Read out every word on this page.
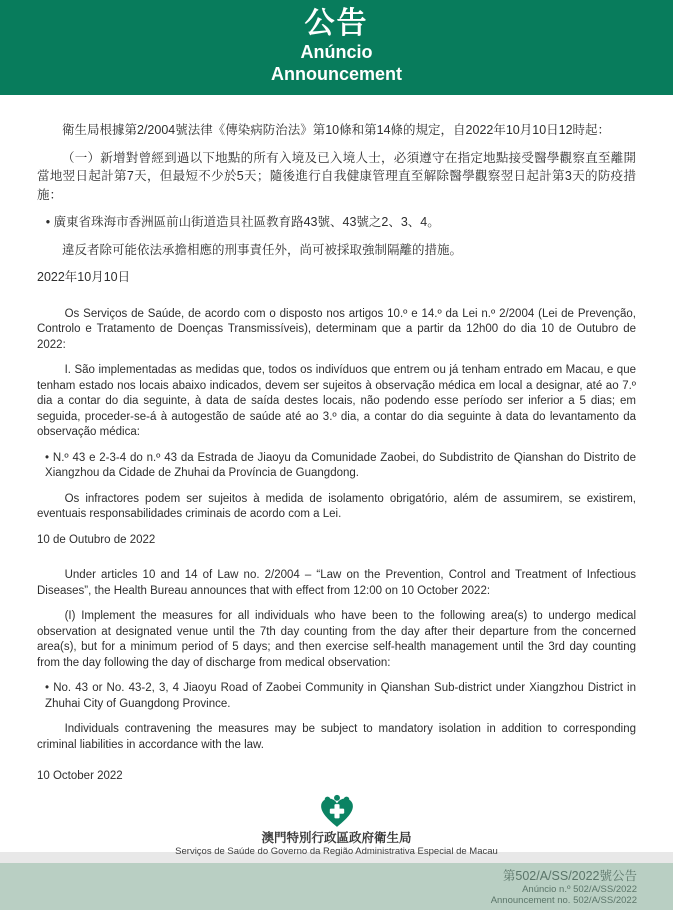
公告
Anúncio
Announcement

衛生局根據第2/2004號法律《傳染病防治法》第10條和第14條的規定，自2022年10月10日12時起：

（一）新增對曾經到過以下地點的所有入境及已入境人士，必須遵守在指定地點接受醫學觀察直至離開當地翌日起計第7天，但最短不少於5天；隨後進行自我健康管理直至解除醫學觀察翌日起計第3天的防疫措施：

• 廣東省珠海市香洲區前山街道造貝社區教育路43號、43號之2、3、4。

違反者除可能依法承擔相應的刑事責任外，尚可被採取強制隔離的措施。

2022年10月10日

Os Serviços de Saúde, de acordo com o disposto nos artigos 10.º e 14.º da Lei n.º 2/2004 (Lei de Prevenção, Controlo e Tratamento de Doenças Transmissíveis), determinam que a partir da 12h00 do dia 10 de Outubro de 2022:

I. São implementadas as medidas que, todos os indivíduos que entrem ou já tenham entrado em Macau, e que tenham estado nos locais abaixo indicados, devem ser sujeitos à observação médica em local a designar, até ao 7.º dia a contar do dia seguinte, à data de saída destes locais, não podendo esse período ser inferior a 5 dias; em seguida, proceder-se-á à autogestão de saúde até ao 3.º dia, a contar do dia seguinte à data do levantamento da observação médica:

• N.º 43 e 2-3-4 do n.º 43 da Estrada de Jiaoyu da Comunidade Zaobei, do Subdistrito de Qianshan do Distrito de Xiangzhou da Cidade de Zhuhai da Província de Guangdong.

Os infractores podem ser sujeitos à medida de isolamento obrigatório, além de assumirem, se existirem, eventuais responsabilidades criminais de acordo com a Lei.

10 de Outubro de 2022

Under articles 10 and 14 of Law no. 2/2004 – “Law on the Prevention, Control and Treatment of Infectious Diseases”, the Health Bureau announces that with effect from 12:00 on 10 October 2022:

(I) Implement the measures for all individuals who have been to the following area(s) to undergo medical observation at designated venue until the 7th day counting from the day after their departure from the concerned area(s), but for a minimum period of 5 days; and then exercise self-health management until the 3rd day counting from the day following the day of discharge from medical observation:

• No. 43 or No. 43-2, 3, 4 Jiaoyu Road of Zaobei Community in Qianshan Sub-district under Xiangzhou District in Zhuhai City of Guangdong Province.

Individuals contravening the measures may be subject to mandatory isolation in addition to corresponding criminal liabilities in accordance with the law.

10 October 2022

澳門特別行政區政府衛生局
Serviços de Saúde do Governo da Região Administrativa Especial de Macau
第502/A/SS/2022號公告
Anúncio n.º 502/A/SS/2022
Announcement no. 502/A/SS/2022
